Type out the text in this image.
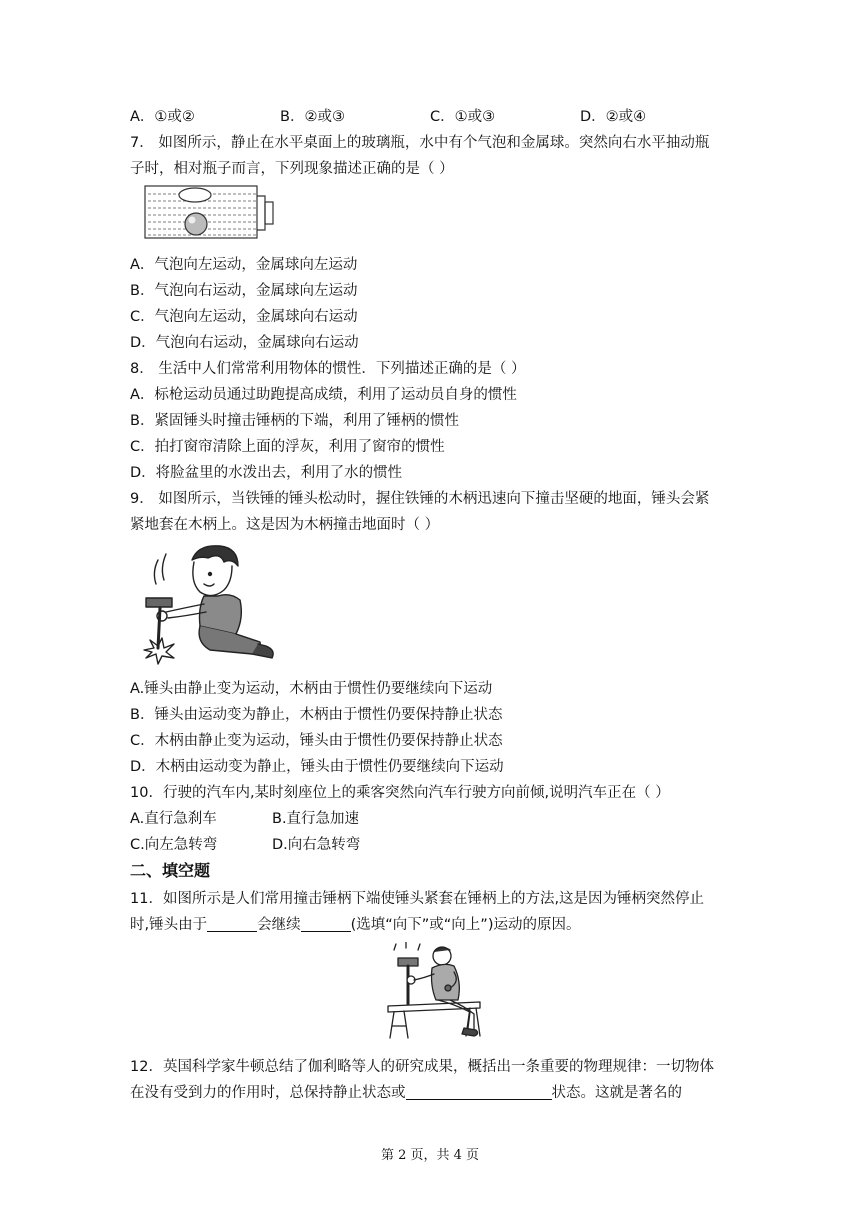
A．①或②	B．②或③	C．①或③	D．②或④
7． 如图所示，静止在水平桌面上的玻璃瓶，水中有个气泡和金属球。突然向右水平抽动瓶
子时，相对瓶子而言，下列现象描述正确的是（ ）
A．气泡向左运动，金属球向左运动
B．气泡向右运动，金属球向左运动
C．气泡向左运动，金属球向右运动
D．气泡向右运动，金属球向右运动
8． 生活中人们常常利用物体的惯性．下列描述正确的是（ ）
A．标枪运动员通过助跑提高成绩，利用了运动员自身的惯性
B．紧固锤头时撞击锤柄的下端，利用了锤柄的惯性
C．拍打窗帘清除上面的浮灰，利用了窗帘的惯性
D．将脸盆里的水泼出去，利用了水的惯性
9． 如图所示，当铁锤的锤头松动时，握住铁锤的木柄迅速向下撞击坚硬的地面，锤头会紧
紧地套在木柄上。这是因为木柄撞击地面时（ ）
A.锤头由静止变为运动，木柄由于惯性仍要继续向下运动
B．锤头由运动变为静止，木柄由于惯性仍要保持静止状态
C．木柄由静止变为运动，锤头由于惯性仍要保持静止状态
D．木柄由运动变为静止，锤头由于惯性仍要继续向下运动
10．行驶的汽车内,某时刻座位上的乘客突然向汽车行驶方向前倾,说明汽车正在（ ）
A.直行急刹车	B.直行急加速
C.向左急转弯	D.向右急转弯
二、填空题
11．如图所示是人们常用撞击锤柄下端使锤头紧套在锤柄上的方法,这是因为锤柄突然停止
时,锤头由于	会继续	(选填“向下”或“向上”)运动的原因。
12．英国科学家牛顿总结了伽利略等人的研究成果，概括出一条重要的物理规律：一切物体
在没有受到力的作用时，总保持静止状态或	状态。这就是著名的
第 2 页，共 4 页
